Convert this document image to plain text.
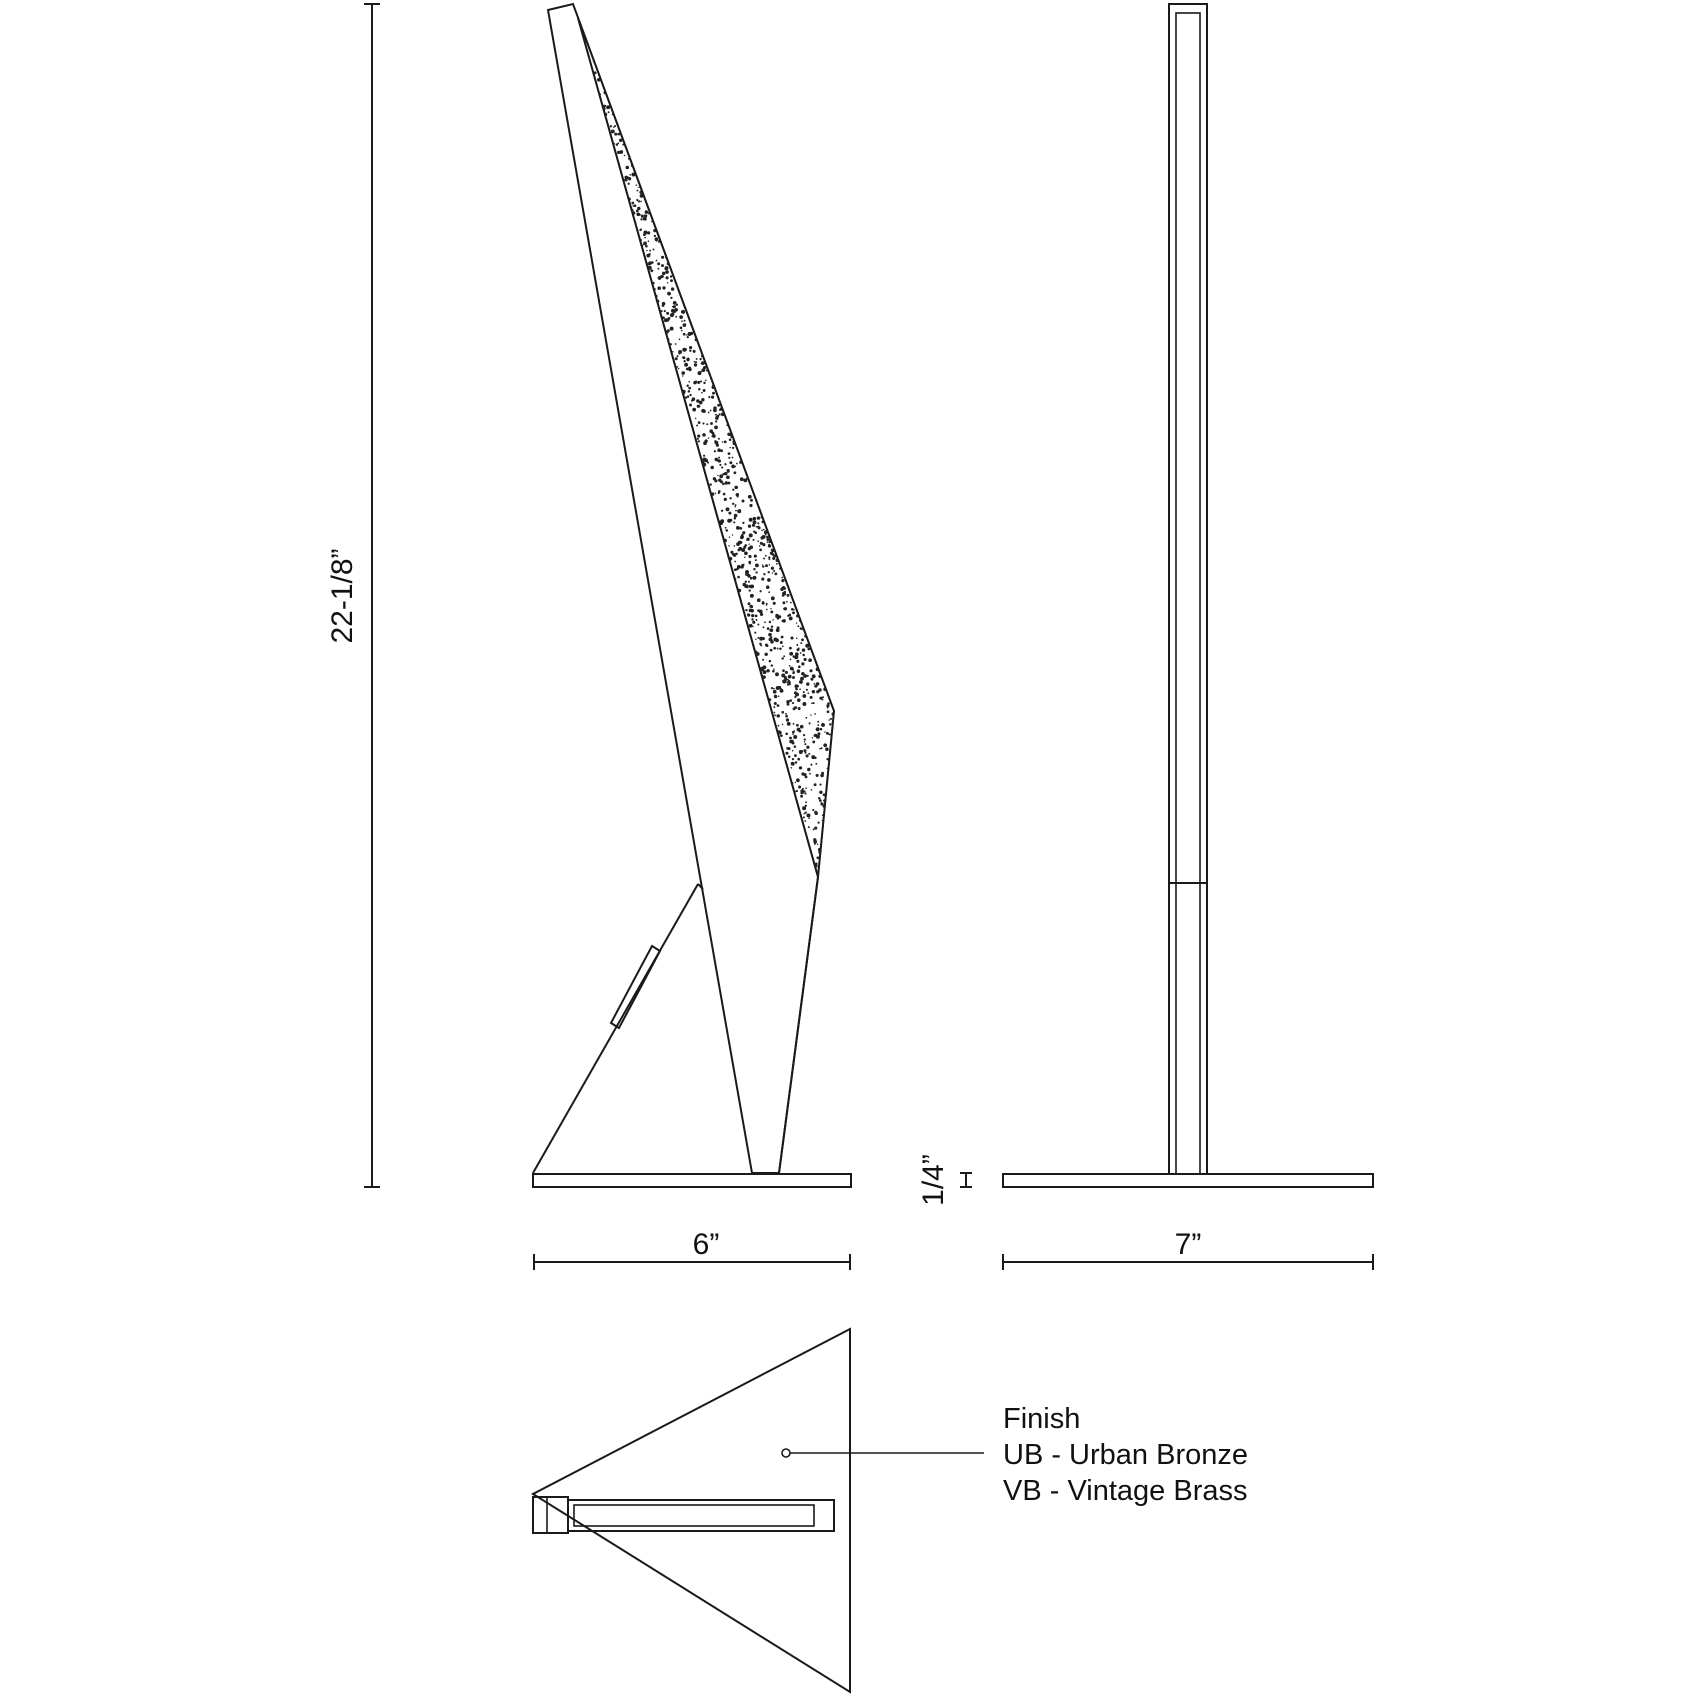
22-1/8”
6”
1/4”
7”
Finish
UB - Urban Bronze
VB - Vintage Brass
